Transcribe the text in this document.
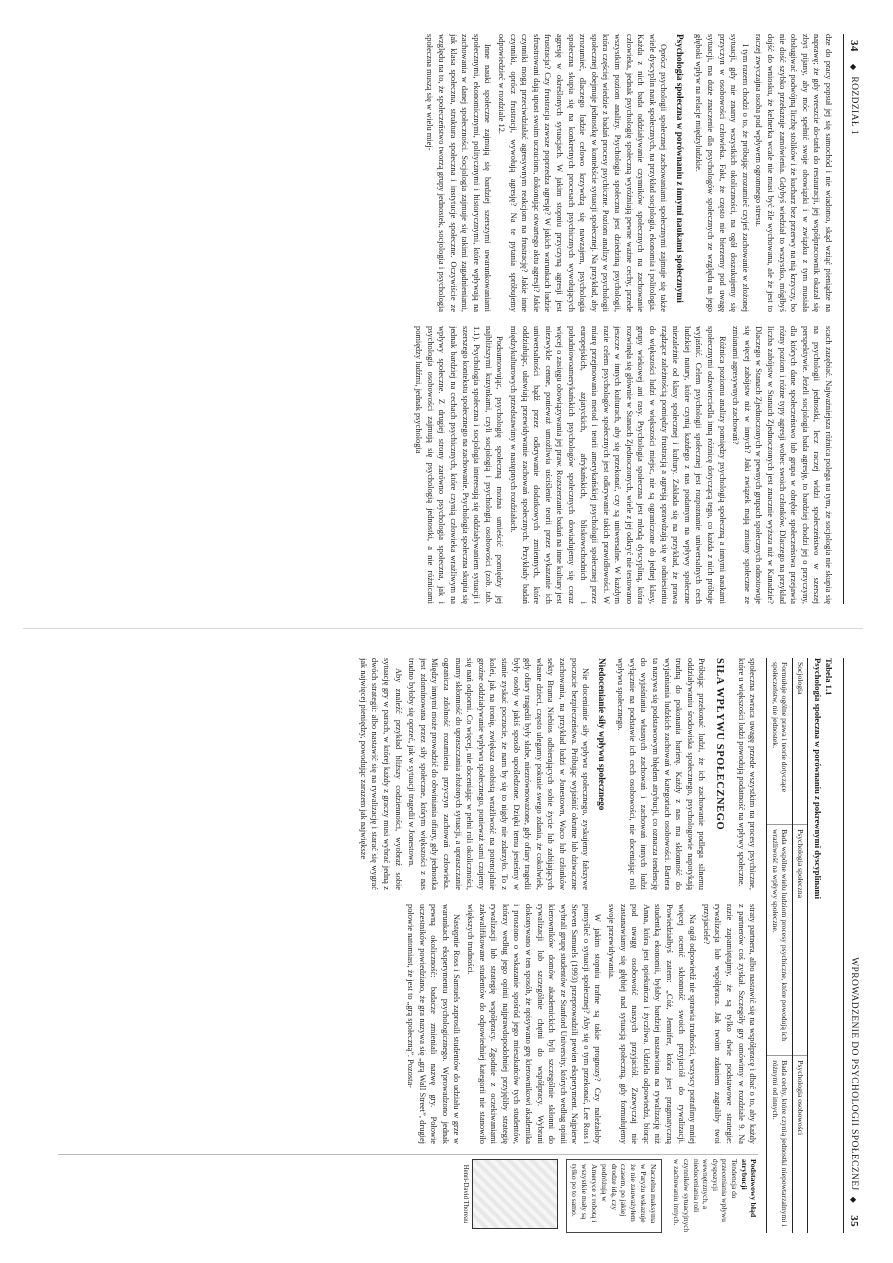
34
◆
ROZDZIAŁ 1

dze do pracy popsuł jej się samochód i nie wiadomo, skąd wziąć pieniądze na naprawę; że gdy wreszcie do-tarła do restauracji, jej współpracownik okazał się zbyt pijany, aby móc spełnić swoje obowiązki i w związku z tym musiała obsługiwać podwójną liczbę stolików i że kucharz bez przerwy na nią krzyczy, bo nie dość szybko przekazuje zamówienia. Gdybyś wiedział to wszystko, mógłbyś dojść do wniosku, że kelnerka wcale nie musi być źle wychowana, ale że jest to raczej zwyczajna osoba pod wpływem ogromnego stresu.

I tym razem chodzi o to, że próbując zrozumieć czyjeś zachowanie w złożonej sytuacji, gdy nie znamy wszystkich okoliczności, na ogół doszukujemy się przyczyn w osobowości człowieka. Fakt, że często nie bierzemy pod uwagę sytuacji, ma duże znaczenie dla psychologów społecznych ze względu na jego głęboki wpływ na relacje międzyludzkie.

Psychologia społeczna w porównaniu z innymi naukami społecznymi

Oprócz psychologii społecznej zachowaniami społecznymi zajmuje się także wiele dyscyplin nauk społecznych, na przykład socjologia, ekonomia i politologia. Każda z nich bada oddziaływanie czynników społecznych na zachowanie człowieka, jednak psychologię społeczną wyróżniają pewne ważne cechy, przede wszystkim poziom analizy. Psychologia społeczna jest dziedziną psychologii, która częściej wiedzie z badań procesy psychiczne. Poziom analizy w psychologii społecznej obejmuje jednostkę w kontekście sytuacji społecznej. Na przykład, aby zrozumieć, dlaczego ludzie celowo krzywdzą się nawzajem, psychologia społeczna skupia się na konkretnych procesach psychicznych wywołujących agresję w określonych sytuacjach. W jakim stopniu przyczyną agresji jest frustracja? Czy frustracja zawsze poprzedza agresję? W jakich warunkach ludzie sfrustrowani dają upust swoim uczuciom, dokonując otwartego aktu agresji? Jakie czynniki mogą przeciwdziałać agresywnym reakcjom na frustrację? Jakie inne czynniki, oprócz frustracji, wywołują agresję? Na te pytania spróbujemy odpowiedzieć w rozdziale 12.

Inne nauki społeczne zajmują się bardziej szerszymi uwarunkowaniami społecznymi, ekonomicznymi, politycznymi i historycznymi, które wpływają na zachowania w danej społeczności. Socjologia zajmuje się takimi zagadnieniami, jak klasa społeczna, struktura społeczna i instytucje społeczne. Oczywiście ze względu na to, że społeczeństwo tworzą grupy jednostek, socjologia i psychologia społeczna muszą się w wielu miej-

scach zazębiać. Najważniejsza różnica polega na tym, że socjologia nie skupia się na psychologii jednostki, lecz raczej widzi społeczeństwo w szerszej perspektywie. Jeżeli socjologia bada agresję, to bardziej chodzi jej o przyczyny, dla których dane społeczeństwo lub grupa w obrębie społeczeństwa przejawia różny poziom i różne typy agresji wobec swoich członków. Dlaczego na przykład liczba zabójstw w Stanach Zjednoczonych jest znacznie wyższa niż w Kanadzie? Dlaczego w Stanach Zjednoczonych w pewnych grupach społecznych odnotowuje się więcej zabójstw niż w innych? Jaki związek mają zmiany społeczne ze zmianami agresywnych zachowań?

Różnica poziomu analizy pomiędzy psychologią społeczną a innymi naukami społecznymi odzwierciedla inną różnicę dotyczącą tego, co każda z nich próbuje wyjaśnić. Celem psychologii społecznej jest rozpoznanie uniwersalnych cech ludzkiej natury, które czynią każdego z nas podatnym na wpływy społeczne niezależnie od klasy społecznej i kultury. Zakłada się na przykład, że prawa rządzące zależnością pomiędzy frustracją a agresją sprawdzają się w odniesieniu do większości ludzi w większości miejsc, nie są ograniczone do jednej klasy, grupy wiekowej ani rasy. Psychologia społeczna jest młodą dyscypliną, która rozwinęła się głównie w Stanach Zjednoczonych, wiele z jej odkryć nie testowano jeszcze w innych kulturach, aby się przekonać, czy są uniwersalne. W każdym razie celem psychologów społecznych jest odkrywanie takich prawidłowości. W miarę przejmowania metod i teorii amerykańskiej psychologii społecznej przez europejskich, azjatyckich, afrykańskich, bliskowschodnich i południowoamerykańskich psychologów społecznych dowiadujemy się coraz więcej o zasięgu obowiązywania jej praw. Rozszerzanie badań na inne kultury jest niezwykle cenne, ponieważ umożliwia uściślenie teorii przez wykazanie ich uniwersalności bądź przez odkrywanie dodatkowych zmiennych, które oddziałując, ułatwiają przewidywanie zachowań społecznych. Przykłady badań międzykulturowych przedstawimy w następnych rozdziałach.

Podsumowując, psychologię społeczną można umieścić pomiędzy jej najbliższymi kuzynkami, czyli socjologią i psychologią osobowości (zob. tab. 1.1). Psychologia społeczna i socjologia interesują się oddziaływaniem sytuacji i szerszego kontekstu społecznego na zachowanie. Psychologia społeczna skupia się jednak bardziej na cechach psychicznych, które czynią człowieka wrażliwym na wpływy społeczne. Z drugiej strony zarówno psychologia społeczna, jak i psychologia osobowości zajmują się psychologią jednostki, a nie różnicami pomiędzy ludźmi, jednak psychologia

WPROWADZENIE DO PSYCHOLOGII SPOŁECZNEJ
◆
35
Tabela 1.1
Psychologia społeczna w porównaniu z pokrewnymi dyscyplinami
Socjologia	Psychologia społeczna	Psychologia osobowości
Formułuje ogólne prawa i teorie dotyczące społeczeństw, nie jednostek.	Bada wspólne wielu ludziom procesy psychiczne, które powodują ich wrażliwość na wpływy społeczne.	Bada cechy, które czynią jednostki niepowtarzalnymi i różnymi od innych.

społeczna zwraca uwagę przede wszystkim na procesy psychiczne, które u większości ludzi powodują podatność na wpływy społeczne.

SIŁA WPŁYWU SPOŁECZNEGO

Próbując przekonać ludzi, że ich zachowanie podlega silnemu oddziaływaniu środowiska społecznego, psychologowie napotykają trudną do pokonania barierę. Każdy z nas ma skłonność do wyjaśniania ludzkich zachowań w kategoriach osobowości. Bariera ta nazywa się podstawowym błędem atrybucji, co oznacza tendencję do wyjaśniania własnych zachowań i zachowań innych ludzi wyłącznie na podstawie ich cech osobowości, nie doceniając roli wpływu społecznego.

Niedocenianie siły wpływu społecznego

Nie docenianie siły wpływu społecznego, zyskujemy fałszywe poczucie bezpieczeństwa. Próbując wyjaśnić okrutne lub dziwaczne zachowania, na przykład ludzi w Jonestown, Waco lub członków sekty Brama Niebios odbierających sobie życie lub zabijających własne dzieci, często ulegamy pokusie swego zdania, że cokolwiek, gdy ofiary tragedii były słabe, niezrównoważone, gdy ofiary tragedii były osoby w jakiś sposób upośledzone. Dzięki temu jesteśmy w stanie zyskać poczucie, że nam by się to nigdy nie zdarzyło. To z kolei, jak na ironię, zwiększa osobistą wrażliwość na potencjalnie groźne oddziaływanie wpływu społecznego, ponieważ sami czujemy się nań odporni. Co więcej, nie doceniając w pełni roli okoliczności, mamy skłonność do upraszczania złożonych sytuacji, a upraszczanie ogranicza zdolność rozumienia przyczyn zachowań człowieka. Między innymi może prowadzić do obwiniania ofiary, gdy jednostka jest zdominowana przez siły społeczne, którym większości z nas trudno byłoby się oprzeć, jak w sytuacji tragedii w Jonestown.

Aby znaleźć przykład bliższy codzienności, wyobraź sobie sytuację gry w parach, w której każdy z graczy musi wybrać jedną z dwóch strategii: albo nastawić się na rywalizację i starać się wygrać jak najwięcej pieniędzy, powodując zarazem jak największe

straty partnera, albo nastawić się na współpracę i dbać o to, aby każdy z partnerów coś zyskał. Szczegóły gry omówimy w rozdziale 9. Na razie zapamiętajmy, że są tylko dwie podstawowe strategie: rywalizacja lub współpraca. Jak twoim zdaniem zagraliby twoi przyjaciele?

Na ogół odpowiedź nie sprawia trudności, wszyscy potrafimy mniej więcej ocenić skłonność swoich przyjaciół do rywalizacji. Powiedziałbyś zatem: „Cóż, Jennifer, która jest pragmatyczną studentką ekonomii, byłaby bardziej nastawiona na rywalizację niż Anna, która jest opiekuńcza i życzliwa. Udziela odpowiedzi, biorąc pod uwagę osobowość naszych przyjaciół. Zazwyczaj nie zastanawiamy się głębiej nad sytuacją społeczną, gdy formułujemy swoje przewidywania.

W jakim stopniu trafne są takie prognozy? Czy należałoby pomyśleć o sytuacji społecznej? Aby się o tym przekonać, Lee Ross i Steven Samuels (1993) przeprowadzili pewien eksperyment. Najpierw wybrali grupę studentów ze Stanford University, których według opinii kierowników domów akademickich byli szczególnie skłonni do rywalizacji lub szczególnie chętni do współpracy. Wybrani dokonywano w ten sposób, że opisywano grę kierownikowi akademika i proszono o wskazanie spośród jego mieszkańców tych studentów, którzy według jego opinii najprawdopodobniej przyjęliby strategię rywalizacji lub strategię współpracy. Zgodnie z oczekiwaniami zakwalifikowane studentów do odpowiedniej kategorii nie stanowiło większych trudności.

Następnie Ross i Samuels zaprosili studentów do udziału w grze w warunkach eksperymentu psychologicznego. Wprowadzono jednak pewną okoliczność: badacze zmieniali nazwę gry. Połowie uczestników powiedziano, że gra nazywa się „grą Wall Street”, drugiej połowie natomiast, że jest to „grą społeczną”. Pozosta-

Podstawowy błąd atrybucji
Tendencja do przeceniania wpływu dyspozycji wewnętrznych, a niedoceniania roli czynników sytuacyjnych w zachowaniu innych.
Naczelna maksyma w Paryżu wskazuje że nie zauważyłem czasem, po jakiej drodze idą, czy podróżują w Ameryce z robotą i wszystkie mały są tylko po to samo.
Henri-David Thoreau
